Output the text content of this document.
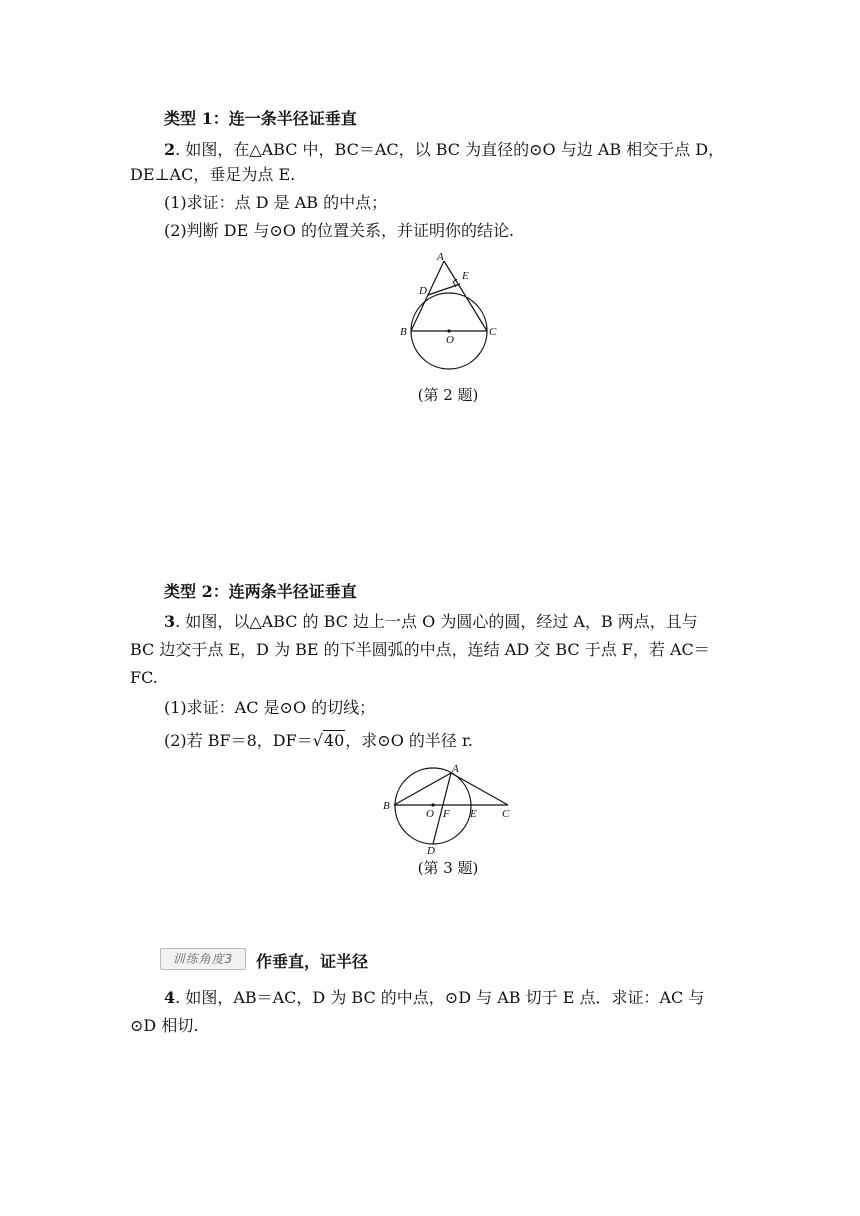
类型 1：连一条半径证垂直
2. 如图，在△ABC 中，BC＝AC，以 BC 为直径的⊙O 与边 AB 相交于点 D，
DE⊥AC，垂足为点 E.
(1)求证：点 D 是 AB 的中点；
(2)判断 DE 与⊙O 的位置关系，并证明你的结论.
A
E
D
B
O
C
(第 2 题)
类型 2：连两条半径证垂直
3. 如图，以△ABC 的 BC 边上一点 O 为圆心的圆，经过 A，B 两点，且与
BC 边交于点 E，D 为 BE 的下半圆弧的中点，连结 AD 交 BC 于点 F，若 AC＝
FC.
(1)求证：AC 是⊙O 的切线；
(2)若 BF＝8，DF＝√40，求⊙O 的半径 r.
A
B
O F E C
D
(第 3 题)
训练角度3	作垂直，证半径
4. 如图，AB＝AC，D 为 BC 的中点，⊙D 与 AB 切于 E 点．求证：AC 与
⊙D 相切.
